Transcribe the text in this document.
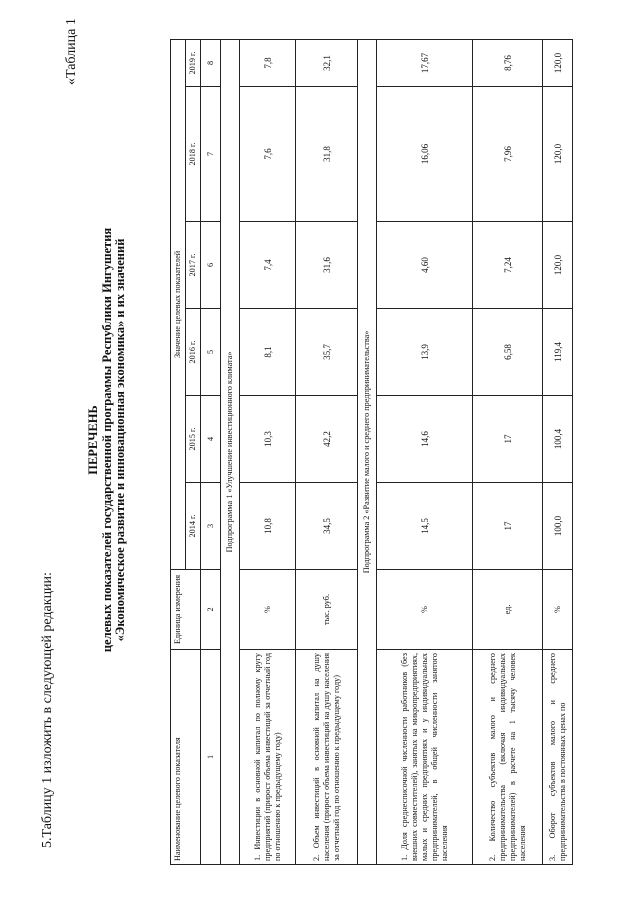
5.Таблицу 1 изложить в следующей редакции:
«Таблица 1
ПЕРЕЧЕНЬ целевых показателей государственной программы Республики Ингушетия «Экономическое развитие и инновационная экономика» и их значений
Наименование целевого показателя	Единица измерения	Значение целевых показателей					
		2014 г.	2015 г.	2016 г.	2017 г.	2018 г.	2019 г.
1	2	3	4	5	6	7	8
Подпрограмма 1 «Улучшение инвестиционного климата»							
1. Инвестиции в основной капитал по полному кругу предприятий (прирост объема инвестиций за отчетный год по отношению к предыдущему году)	%	10,8	10,3	8,1	7,4	7,6	7,8
2. Объем инвестиций в основной капитал на душу населения (прирост объема инвестиций на душу населения за отчетный год по отношению к предыдущему году)	тыс. руб.	34,5	42,2	35,7	31,6	31,8	32,1
Подпрограмма 2 «Развитие малого и среднего предпринимательства»							
1. Доля среднесписочной численности работников (без внешних совместителей), занятых на микропредприятиях, малых и средних предприятиях и у индивидуальных предпринимателей, в общей численности занятого населения	%	14,5	14,6	13,9	4,60	16,06	17,67
2. Количество субъектов малого и среднего предпринимательства (включая индивидуальных предпринимателей) в расчете на 1 тысячу человек населения	ед.	17	17	6,58	7,24	7,96	8,76
3. Оборот субъектов малого и среднего предпринимательства в постоянных ценах по	%	100,0	100,4	119,4	120,0	120,0	120,0
